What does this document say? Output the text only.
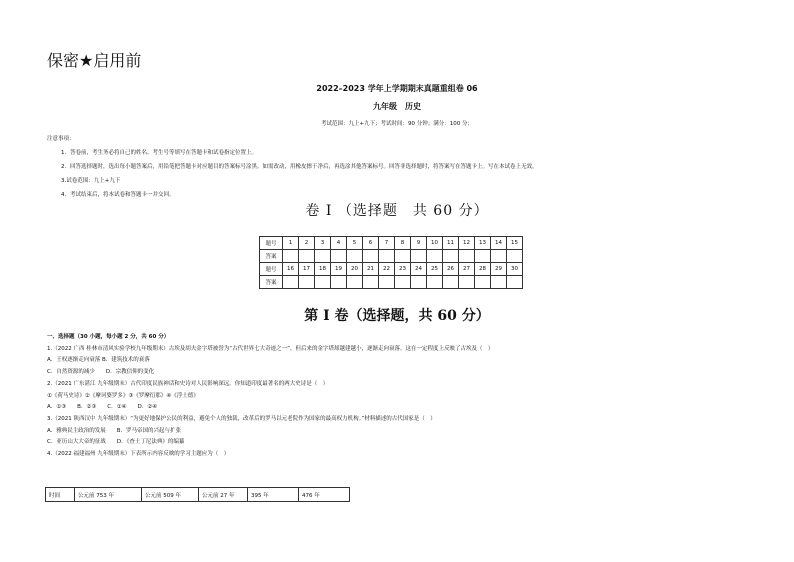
保密★启用前
2022–2023 学年上学期期末真题重组卷 06
九年级　历史
考试范围：九上+九下；考试时间：90 分钟；满分：100 分；
注意事项：
1．答卷前，考生务必将自己的姓名、考生号等填写在答题卡和试卷指定位置上。
2．回答选择题时，选出每小题答案后，用铅笔把答题卡对应题目的答案标号涂黑。如需改动，用橡皮擦干净后，再选涂其他答案标号。回答非选择题时，将答案写在答题卡上。写在本试卷上无效。
3.试卷范围：九上+九下
4．考试结束后，将本试卷和答题卡一并交回。
卷 I （选择题　共 60 分）
题号	1	2	3	4	5	6	7	8	9	10	11	12	13	14	15
答案															
题号	16	17	18	19	20	21	22	23	24	25	26	27	28	29	30
答案															
第 I 卷（选择题，共 60 分）
一、选择题（30 小题，每小题 2 分，共 60 分）
1.（2022 广西 桂林市清风实验学校九年级期末）古埃及胡夫金字塔被誉为“古代世界七大奇迹之一”，但后来的金字塔却越建越小，逐渐走向衰落。这在一定程度上反映了古埃及（　）
A．王权逐渐走向衰落 B．建筑技术的衰落
C．自然资源的减少　　D．宗教信仰的变化
2.（2021 广东湛江 九年级期末）古代印度民族神话和史诗对人民影响深远。你知道印度最著名的两大史诗是（　）
①《荷马史诗》②《摩诃婆罗多》③《罗摩衍那》④《浮士德》
A．①③　　B．②③　　C．①④　　D．②④
3.（2021 陕西汉中 九年级期末）“为更好地保护公民的利益，避免个人的独裁，改革后的罗马以元老院作为国家的最高权力机构。”材料描述的古代国家是（　）
A．雅典民主政治的发展　　B．罗马帝国的兴起与扩张
C．亚历山大大帝的征战　　D．《查士丁尼法典》的编纂
4.（2022 福建福州 九年级期末）下表所示内容反映的学习主题应为（　）
时间	公元前 753 年	公元前 509 年	公元前 27 年	395 年	476 年
